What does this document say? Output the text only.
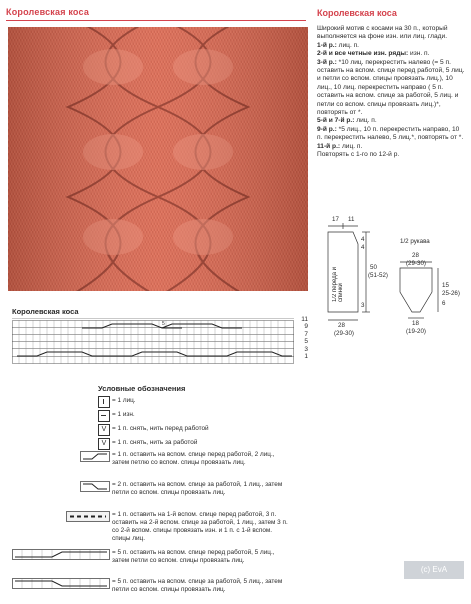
Королевская коса	Королевская коса

Широкий мотив с косами на 30 п., который выполняется на фоне изн. или лиц. глади.

1-й р.: лиц. п.

2-й и все четные изн. ряды: изн. п.

3-й р.: *10 лиц. перекрестить налево (= 5 п. оставить на вспом. спице перед работой, 5 лиц. и петли со вспом. спицы провязать лиц.), 10 лиц., 10 лиц. перекрестить направо ( 5 п. оставить на вспом. спице за работой, 5 лиц. и петли со вспом. спицы провязать лиц.)*, повторять от *.

5-й и 7-й р.: лиц. п.

9-й р.: *5 лиц., 10 п. перекрестить направо, 10 п. перекрестить налево, 5 лиц.*, повторять от *.

11-й р.: лиц. п.

Повторять с 1-го по 12-й р.

17 11
4
4
50
(51-52)
1/2 переда и спинки
3
28
(29-30)
1/2 рукава
28
(29-30)
15
25-26)
6
18
(19-20)
Королевская коса
5
11
9
7
5
3
1
Условные обозначения
= 1 лиц.
= 1 изн.
V = 1 п. снять, нить перед работой
V = 1 п. снять, нить за работой
= 1 п. оставить на вспом. спице перед работой, 2 лиц., затем петлю со вспом. спицы провязать лиц.
= 2 п. оставить на вспом. спице за работой, 1 лиц., затем петли со вспом. спицы провязать лиц.
= 1 п. оставить на 1-й вспом. спице перед работой, 3 п. оставить на 2-й вспом. спице за работой, 1 лиц., затем 3 п. со 2-й вспом. спицы провязать изн. и 1 п. с 1-й вспом. спицы лиц.
= 5 п. оставить на вспом. спице перед работой, 5 лиц., затем петли со вспом. спицы провязать лиц.
= 5 п. оставить на вспом. спице за работой, 5 лиц., затем петли со вспом. спицы провязать лиц.
(c) EvA
